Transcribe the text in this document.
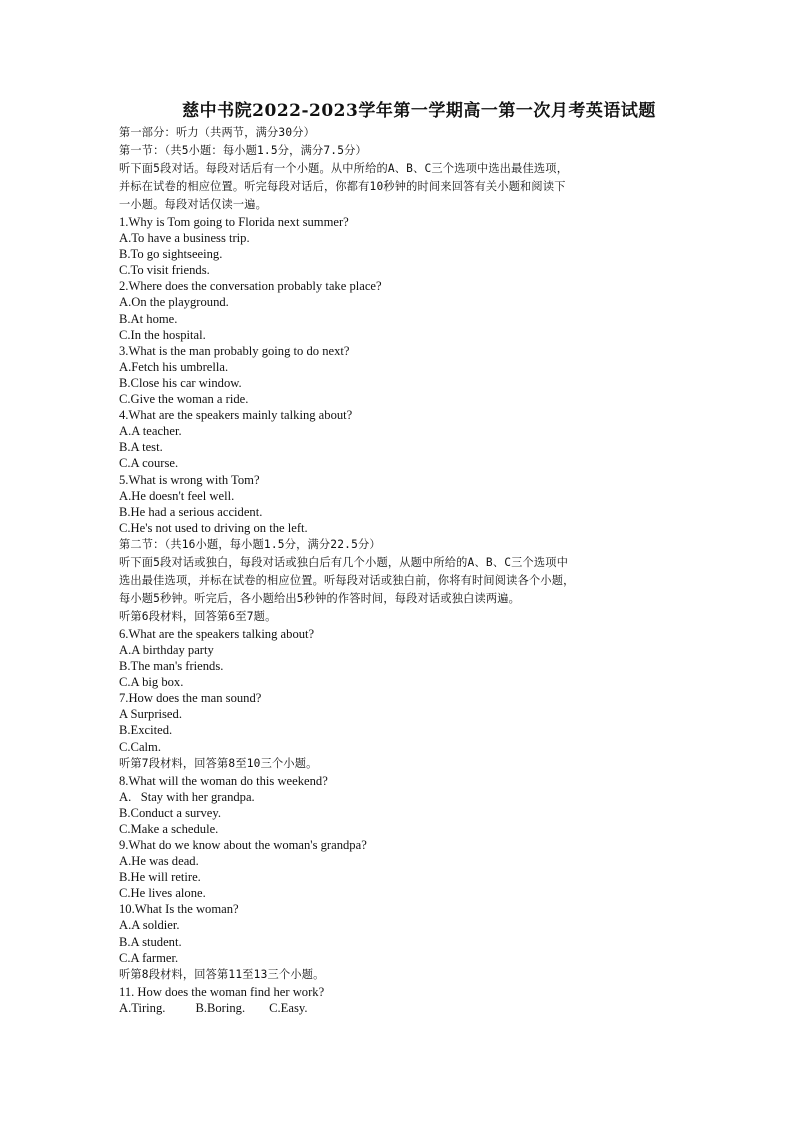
慈中书院2022-2023学年第一学期高一第一次月考英语试题
第一部分：听力（共两节，满分30分）
第一节：（共5小题：每小题1.5分，满分7.5分）
听下面5段对话。每段对话后有一个小题。从中所给的A、B、C三个选项中选出最佳选项，
并标在试卷的相应位置。听完每段对话后，你都有10秒钟的时间来回答有关小题和阅读下
一小题。每段对话仅读一遍。
1.Why is Tom going to Florida next summer?
A.To have a business trip.
B.To go sightseeing.
C.To visit friends.
2.Where does the conversation probably take place?
A.On the playground.
B.At home.
C.In the hospital.
3.What is the man probably going to do next?
A.Fetch his umbrella.
B.Close his car window.
C.Give the woman a ride.
4.What are the speakers mainly talking about?
A.A teacher.
B.A test.
C.A course.
5.What is wrong with Tom?
A.He doesn't feel well.
B.He had a serious accident.
C.He's not used to driving on the left.
第二节：（共16小题，每小题1.5分，满分22.5分）
听下面5段对话或独白，每段对话或独白后有几个小题，从题中所给的A、B、C三个选项中
选出最佳选项，并标在试卷的相应位置。听每段对话或独白前，你将有时间阅读各个小题，
每小题5秒钟。听完后，各小题给出5秒钟的作答时间，每段对话或独白读两遍。
听第6段材料，回答第6至7题。
6.What are the speakers talking about?
A.A birthday party
B.The man's friends.
C.A big box.
7.How does the man sound?
A Surprised.
B.Excited.
C.Calm.
听第7段材料，回答第8至10三个小题。
8.What will the woman do this weekend?
A.   Stay with her grandpa.
B.Conduct a survey.
C.Make a schedule.
9.What do we know about the woman's grandpa?
A.He was dead.
B.He will retire.
C.He lives alone.
10.What Is the woman?
A.A soldier.
B.A student.
C.A farmer.
听第8段材料，回答第11至13三个小题。
11. How does the woman find her work?
A.Tiring. B.Boring. C.Easy.
